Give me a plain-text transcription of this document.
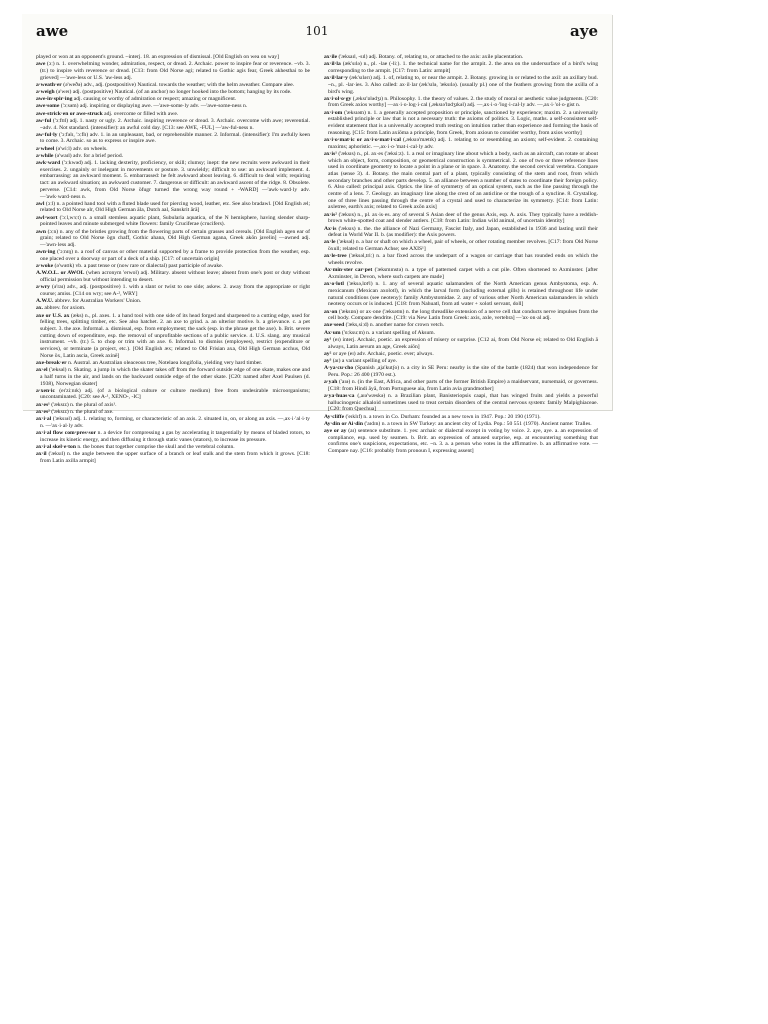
awe	101	aye

played or won at an opponent's ground. ~interj. 18. an expression of dismissal. [Old English on wea on way]

awe (ɔː) n. 1. overwhelming wonder, admiration, respect, or dread. 2. Archaic. power to inspire fear or reverence. ~vb. 3. (tr.) to inspire with reverence or dread. [C13: from Old Norse agi; related to Gothic agis fear, Greek akhesthai to be grieved] —'awe-less or U.S. 'aw-less adj.

a·weath·er (ə'weðə) adv., adj. (postpositive) Nautical. towards the weather; with the helm aweather. Compare alee.

a·weigh (ə'weɪ) adj. (postpositive) Nautical. (of an anchor) no longer hooked into the bottom; hanging by its rode.

awe-in·spir·ing adj. causing or worthy of admiration or respect; amazing or magnificent.

awe·some ('ɔːsəm) adj. inspiring or displaying awe. —'awe-some·ly adv. —'awe-some-ness n.

awe-strick·en or awe-struck adj. overcome or filled with awe.

aw·ful ('ɔːfʊl) adj. 1. nasty or ugly. 2. Archaic. inspiring reverence or dread. 3. Archaic. overcome with awe; reverential. ~adv. 4. Not standard. (intensifier): an awful cold day. [C13: see AWE, -FUL] —'aw-ful-ness n.

aw·ful·ly ('ɔːfəlɪ, 'ɔːflɪ) adv. 1. in an unpleasant, bad, or reprehensible manner. 2. Informal. (intensifier): I'm awfully keen to come. 3. Archaic. so as to express or inspire awe.

a·wheel (ə'wiːl) adv. on wheels.

a·while (ə'waɪl) adv. for a brief period.

awk·ward ('ɔːkwəd) adj. 1. lacking dexterity, proficiency, or skill; clumsy; inept: the new recruits were awkward in their exercises. 2. ungainly or inelegant in movements or posture. 3. unwieldy; difficult to use: an awkward implement. 4. embarrassing: an awkward moment. 5. embarrassed: he felt awkward about leaving. 6. difficult to deal with; requiring tact: an awkward situation; an awkward customer. 7. dangerous or difficult: an awkward ascent of the ridge. 8. Obsolete. perverse. [C14: awk, from Old Norse öfugr turned the wrong way round + -WARD] —'awk·ward·ly adv. —'awk·ward·ness n.

awl (ɔːl) n. a pointed hand tool with a fluted blade used for piercing wood, leather, etc. See also bradawl. [Old English æl; related to Old Norse alr, Old High German āla, Dutch aal, Sanskrit ārā]

awl·wort ('ɔːl,wɜːt) n. a small stemless aquatic plant, Subularia aquatica, of the N hemisphere, having slender sharp-pointed leaves and minute submerged white flowers: family Cruciferae (crucifers).

awn (ɔːn) n. any of the bristles growing from the flowering parts of certain grasses and cereals. [Old English agen ear of grain; related to Old Norse ögn chaff, Gothic ahana, Old High German agana, Greek akōn javelin] —awned adj. —'awn·less adj.

awn·ing ('ɔːnɪŋ) n. a roof of canvas or other material supported by a frame to provide protection from the weather, esp. one placed over a doorway or part of a deck of a ship. [C17: of uncertain origin]

a·woke (ə'wəʊk) vb. a past tense or (now rare or dialectal) past participle of awake.

A.W.O.L. or AWOL (when acronym 'erwol) adj. Military. absent without leave; absent from one's post or duty without official permission but without intending to desert.

a·wry (ə'raɪ) adv., adj. (postpositive) 1. with a slant or twist to one side; askew. 2. away from the appropriate or right course; amiss. [C14 on wry; see A-², WRY]

A.W.U. abbrev. for Australian Workers' Union.

ax. abbrev. for axiom.

axe or U.S. ax (æks) n., pl. axes. 1. a hand tool with one side of its head forged and sharpened to a cutting edge, used for felling trees, splitting timber, etc. See also hatchet. 2. an axe to grind. a. an ulterior motive. b. a grievance. c. a pet subject. 3. the axe. Informal. a. dismissal, esp. from employment; the sack (esp. in the phrase get the axe). b. Brit. severe cutting down of expenditure, esp. the removal of unprofitable sections of a public service. 4. U.S. slang. any musical instrument. ~vb. (tr.) 5. to chop or trim with an axe. 6. Informal. to dismiss (employees), restrict (expenditure or services), or terminate (a project, etc.). [Old English æx; related to Old Frisian axa, Old High German acchus, Old Norse öx, Latin ascia, Greek axinē]

axe-break·er n. Austral. an Australian oleaceous tree, Notelaea longifolia, yielding very hard timber.

ax·el ('æksəl) n. Skating. a jump in which the skater takes off from the forward outside edge of one skate, makes one and a half turns in the air, and lands on the backward outside edge of the other skate. [C20: named after Axel Paulsen (d. 1938), Norwegian skater]

a·xen·ic (eɪ'ziːnɪk) adj. (of a biological culture or culture medium) free from undesirable microorganisms; uncontaminated. [C20: see A-¹, XENO-, -IC]

ax·es¹ ('æksɪz) n. the plural of axis¹.

ax·es² ('æksɪz) n. the plural of axe.

ax·i·al ('æksɪəl) adj. 1. relating to, forming, or characteristic of an axis. 2. situated in, on, or along an axis. —,ax·i·'al·i·ty n. —'ax·i·al·ly adv.

ax·i·al flow com·pres·sor n. a device for compressing a gas by accelerating it tangentially by means of bladed rotors, to increase its kinetic energy, and then diffusing it through static vanes (stators), to increase its pressure.

ax·i·al skel·e·ton n. the bones that together comprise the skull and the vertebral column.

ax·il ('æksɪl) n. the angle between the upper surface of a branch or leaf stalk and the stem from which it grows. [C18: from Latin axilla armpit]

ax·ile ('æksaɪl, -sɪl) adj. Botany. of, relating to, or attached to the axis: axile placentation.

ax·il·la (æk'sɪlə) n., pl. -lae (-liː). 1. the technical name for the armpit. 2. the area on the undersurface of a bird's wing corresponding to the armpit. [C17: from Latin: armpit]

ax·il·lar·y (æk'sɪlərɪ) adj. 1. of, relating to, or near the armpit. 2. Botany. growing in or related to the axil: an axillary bud. ~n., pl. -lar·ies. 3. Also called: ax·il·lar (æk'sɪlə, 'æksɪlə). (usually pl.) one of the feathers growing from the axilla of a bird's wing.

ax·i·ol·o·gy (,æksɪ'ɒlədʒɪ) n. Philosophy. 1. the theory of values. 2. the study of moral or aesthetic value judgments. [C20: from Greek axios worthy] —ax·i·o·log·i·cal (,æksɪə'lɒdʒɪkəl) adj. —,ax·i·o·'log·i·cal·ly adv. —,ax·i·'ol·o·gist n.

ax·i·om ('æksɪəm) n. 1. a generally accepted proposition or principle, sanctioned by experience; maxim. 2. a universally established principle or law that is not a necessary truth: the axioms of politics. 3. Logic, maths. a self-consistent self-evident statement that is a universally accepted truth resting on intuition rather than experience and forming the basis of reasoning. [C15: from Latin axiōma a principle, from Greek, from axioun to consider worthy, from axios worthy]

ax·i·o·mat·ic or ax·i·o·mat·i·cal (,æksɪə'mætɪk) adj. 1. relating to or resembling an axiom; self-evident. 2. containing maxims; aphoristic. —,ax·i·o·'mat·i·cal·ly adv.

ax·is¹ ('æksɪs) n., pl. ax·es ('æksiːz). 1. a real or imaginary line about which a body, such as an aircraft, can rotate or about which an object, form, composition, or geometrical construction is symmetrical. 2. one of two or three reference lines used in coordinate geometry to locate a point in a plane or in space. 3. Anatomy. the second cervical vertebra. Compare atlas (sense 3). 4. Botany. the main central part of a plant, typically consisting of the stem and root, from which secondary branches and other parts develop. 5. an alliance between a number of states to coordinate their foreign policy. 6. Also called: principal axis. Optics. the line of symmetry of an optical system, such as the line passing through the centre of a lens. 7. Geology. an imaginary line along the crest of an anticline or the trough of a syncline. 8. Crystallog. one of three lines passing through the centre of a crystal and used to characterize its symmetry. [C14: from Latin: axletree, earth's axis; related to Greek axōn axis]

ax·is² ('æksɪs) n., pl. ax·is·es. any of several S Asian deer of the genus Axis, esp. A. axis. They typically have a reddish-brown white-spotted coat and slender antlers. [C18: from Latin: Indian wild animal, of uncertain identity]

Ax·is ('æksɪs) n. the. the alliance of Nazi Germany, Fascist Italy, and Japan, established in 1936 and lasting until their defeat in World War II. b. (as modifier): the Axis powers.

ax·le ('æksəl) n. a bar or shaft on which a wheel, pair of wheels, or other rotating member revolves. [C17: from Old Norse öxull; related to German Achse; see AXIS¹]

ax·le-tree ('æksəl,triː) n. a bar fixed across the underpart of a wagon or carriage that has rounded ends on which the wheels revolve.

Ax·min·ster car·pet ('æksmɪnstə) n. a type of patterned carpet with a cut pile. Often shortened to Axminster. [after Axminster, in Devon, where such carpets are made]

ax·o·lotl ('æksə,lɒtˡl) n. 1. any of several aquatic salamanders of the North American genus Ambystoma, esp. A. mexicanum (Mexican axolotl), in which the larval form (including external gills) is retained throughout life under natural conditions (see neoteny): family Ambystomidae. 2. any of various other North American salamanders in which neoteny occurs or is induced. [C18: from Nahuatl, from atl water + xolotl servant, doll]

ax·on ('æksɒn) or ax·one ('æksəʊn) n. the long threadlike extension of a nerve cell that conducts nerve impulses from the cell body. Compare dendrite. [C19: via New Latin from Greek: axis, axle, vertebra] —'ax·on·al adj.

axe·seed ('æks,siːd) n. another name for crown vetch.

Ax·um ('ɑːksuːm) n. a variant spelling of Aksum.

ay¹ (eɪ) interj. Archaic, poetic. an expression of misery or surprise. [C12 ai, from Old Norse ei; related to Old English ā always, Latin aevum an age, Greek aiōn]

ay² or aye (eɪ) adv. Archaic, poetic. ever; always.

ay³ (aɪ) a variant spelling of aye.

A·ya·cu·cho (Spanish ,aja'kutʃo) n. a city in SE Peru: nearby is the site of the battle (1824) that won independence for Peru. Pop.: 26 400 (1970 est.).

a·yah ('aɪə) n. (in the East, Africa, and other parts of the former British Empire) a maidservant, nursemaid, or governess. [C18: from Hindi āyā, from Portuguese aia, from Latin avia grandmother]

a·ya·huas·ca (,aɪə'wæskə) n. a Brazilian plant, Banisteriopsis caapi, that has winged fruits and yields a powerful hallucinogenic alkaloid sometimes used to treat certain disorders of the central nervous system: family Malpighiaceae. [C20: from Quechua]

Ay·cliffe ('eɪklɪf) n. a town in Co. Durham: founded as a new town in 1947. Pop.: 20 190 (1971).

Ay·din or Ai·din ('aɪdɪn) n. a town in SW Turkey: an ancient city of Lydia. Pop.: 50 551 (1970). Ancient name: Tralles.

aye or ay (aɪ) sentence substitute. 1. yes: archaic or dialectal except in voting by voice. 2. aye, aye. a. an expression of compliance, esp. used by seamen. b. Brit. an expression of amused surprise, esp. at encountering something that confirms one's suspicions, expectations, etc. ~n. 3. a. a person who votes in the affirmative. b. an affirmative vote. —Compare nay. [C16: probably from pronoun I, expressing assent]
